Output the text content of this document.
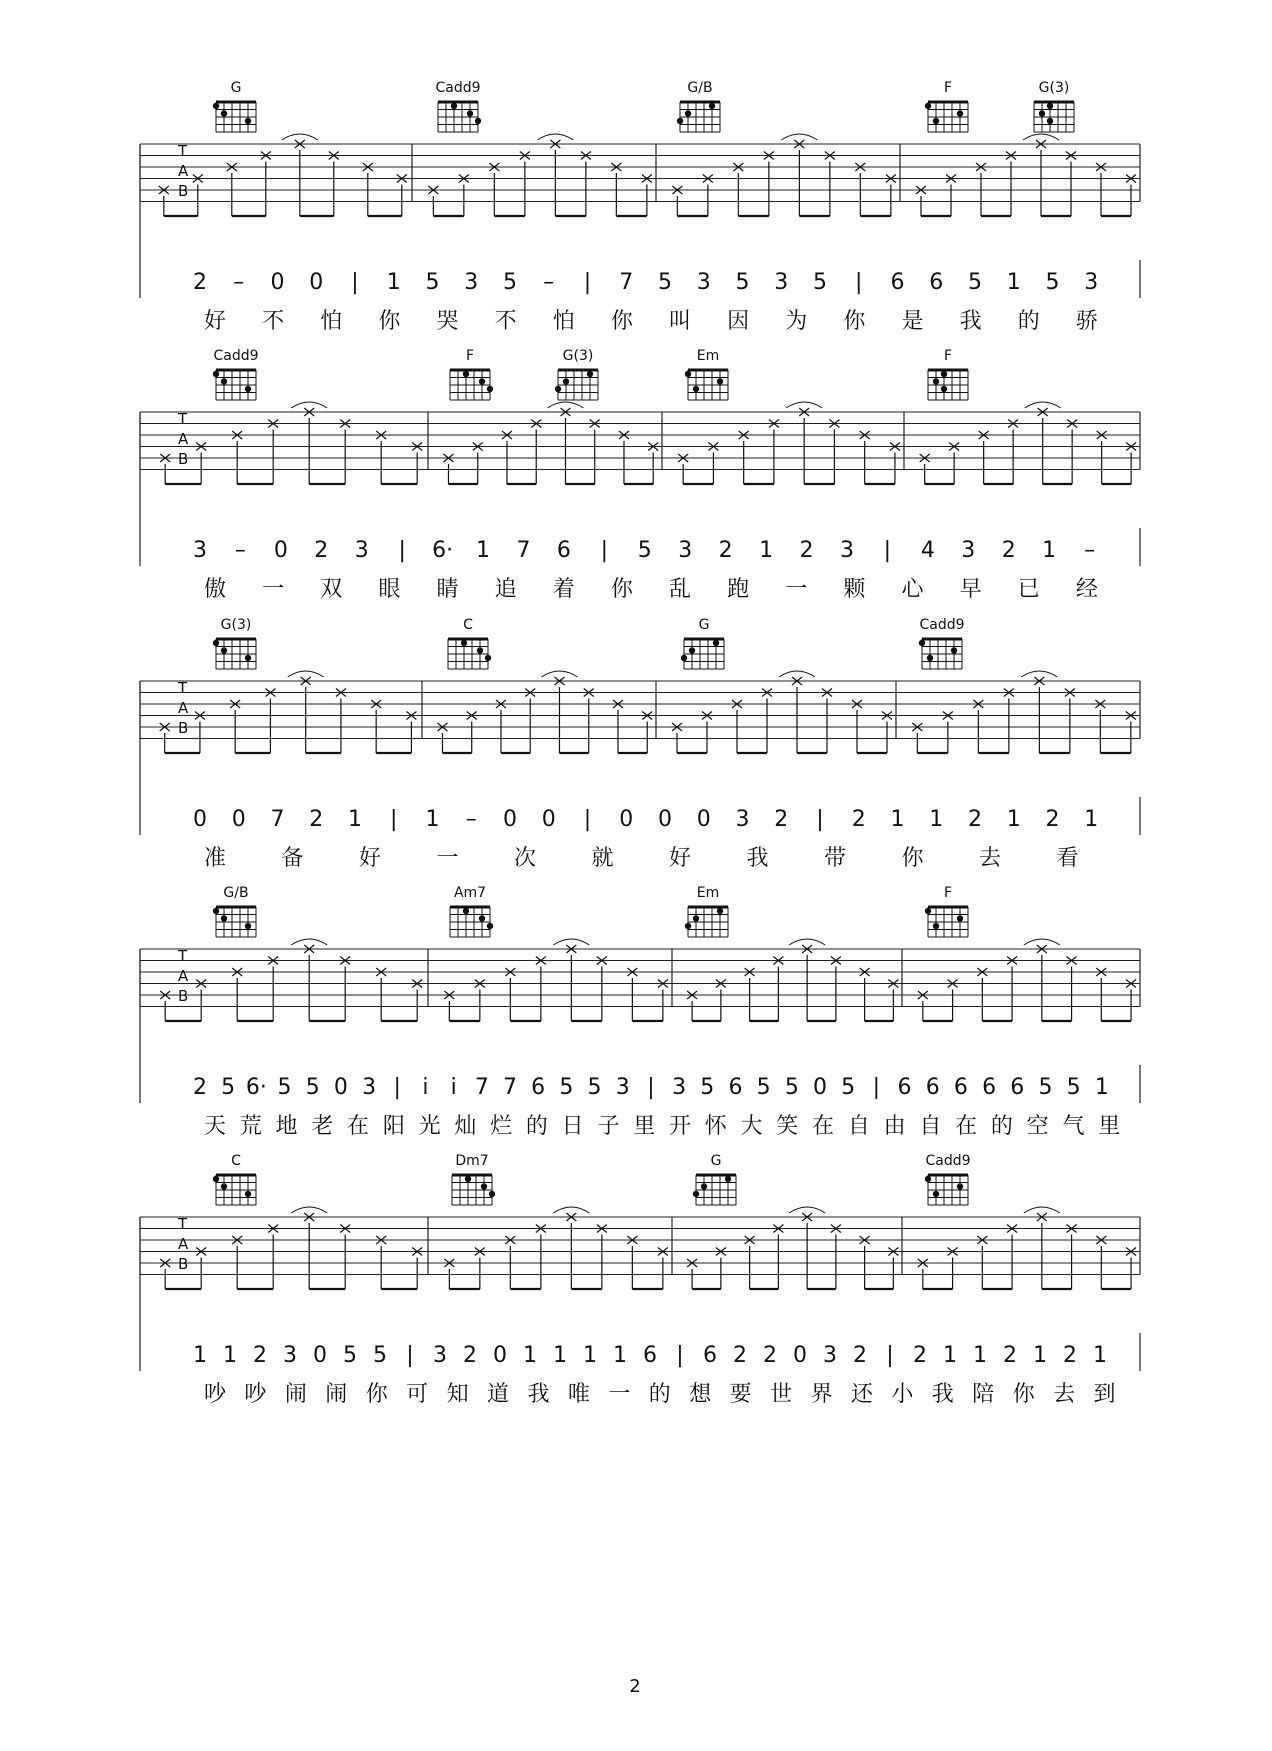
T
A
B
G	Cadd9	G/B	F	G(3)
2	–	0	0	|	1	5	3	5	–	|	7	5	3	5	3	5	|	6	6	5	1	5	3
好 不 怕 你 哭 不 怕 你 叫 因 为 你 是 我 的 骄
T
A
B
Cadd9	F	G(3)	Em	F
3	–	0	2	3	|	6·	1	7	6	|	5	3	2	1	2	3	|	4	3	2	1	–
傲 一 双 眼 睛 追 着 你 乱 跑 一 颗 心 早 已 经
T
A
B
G(3)	C	G	Cadd9
0	0	7	2	1	|	1	–	0	0	|	0	0	0	3	2	|	2	1	1	2	1	2	1
准	备	好	一	次	就	好	我	带	你	去	看
T
A
B
G/B	Am7	Em	F
2 5 6· 5 5 0 3 | i	i 7 7 6 5 5 3 | 3 5 6 5 5 0 5 | 6 6 6 6 6 5 5 1
天 荒 地 老 在 阳 光 灿 烂 的 日 子 里 开 怀 大 笑 在 自 由 自 在 的 空 气 里
T
A
B
C	Dm7	G	Cadd9
1 1 2 3 0 5 5 | 3 2 0 1 1 1 1 6 | 6 2 2 0 3 2 | 2 1 1 2 1 2 1
吵 吵 闹 闹 你 可 知 道 我 唯 一 的 想 要 世 界 还 小 我 陪 你 去 到
2
